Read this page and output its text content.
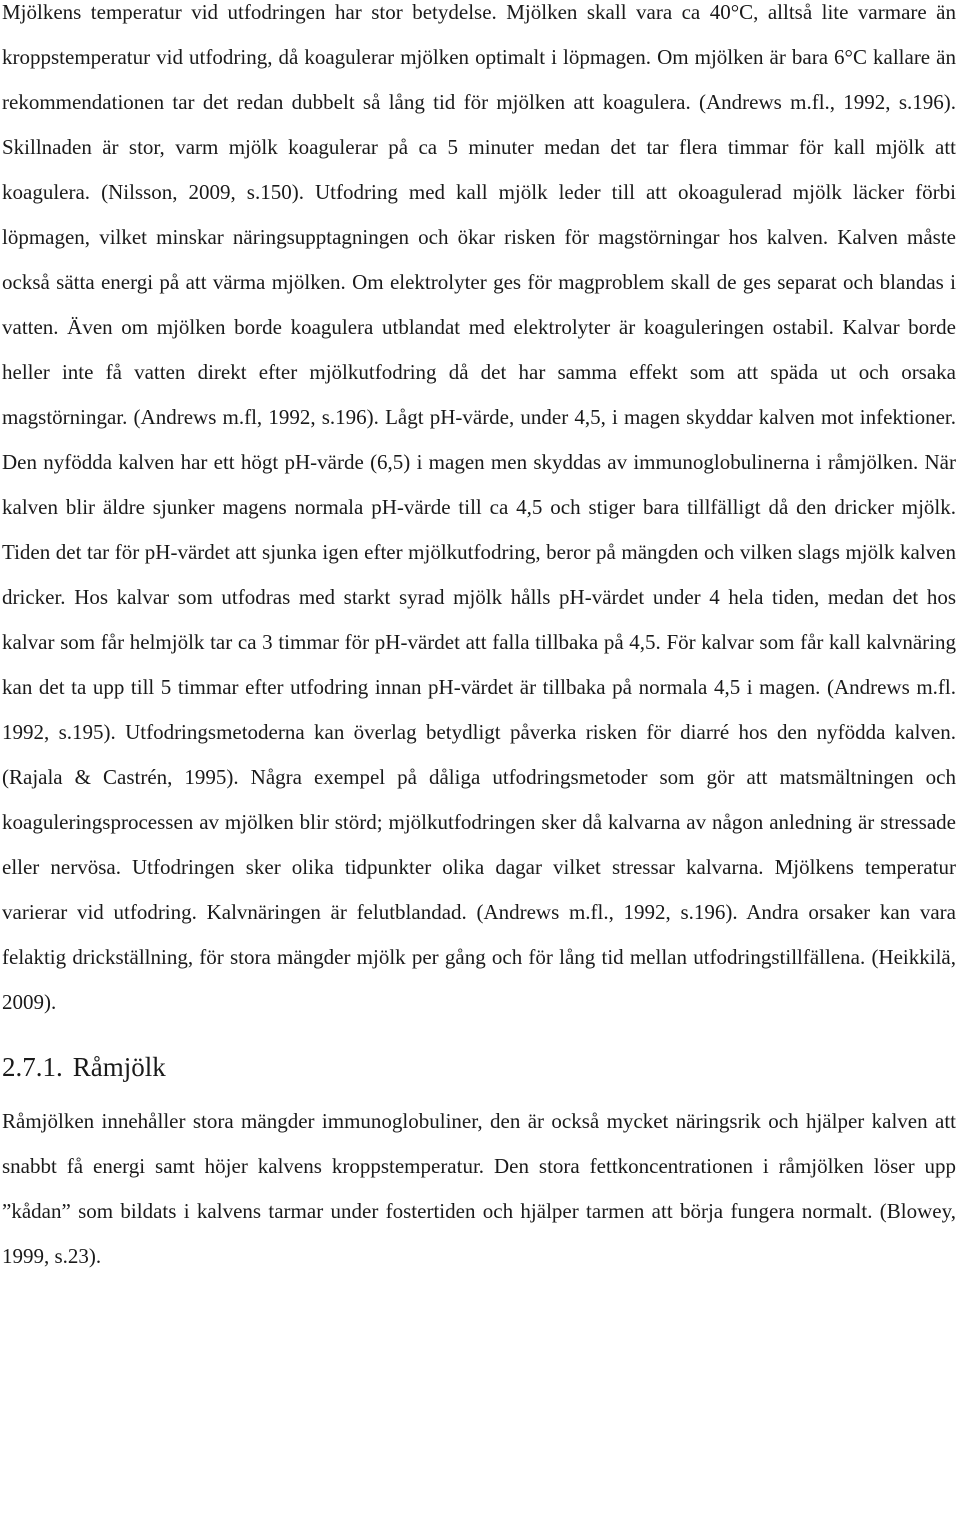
Mjölkens temperatur vid utfodringen har stor betydelse. Mjölken skall vara ca 40°C, alltså lite varmare än kroppstemperatur vid utfodring, då koagulerar mjölken optimalt i löpmagen. Om mjölken är bara 6°C kallare än rekommendationen tar det redan dubbelt så lång tid för mjölken att koagulera. (Andrews m.fl., 1992, s.196). Skillnaden är stor, varm mjölk koagulerar på ca 5 minuter medan det tar flera timmar för kall mjölk att koagulera. (Nilsson, 2009, s.150). Utfodring med kall mjölk leder till att okoagulerad mjölk läcker förbi löpmagen, vilket minskar näringsupptagningen och ökar risken för magstörningar hos kalven. Kalven måste också sätta energi på att värma mjölken. Om elektrolyter ges för magproblem skall de ges separat och blandas i vatten. Även om mjölken borde koagulera utblandat med elektrolyter är koaguleringen ostabil. Kalvar borde heller inte få vatten direkt efter mjölkutfodring då det har samma effekt som att späda ut och orsaka magstörningar. (Andrews m.fl, 1992, s.196). Lågt pH-värde, under 4,5, i magen skyddar kalven mot infektioner. Den nyfödda kalven har ett högt pH-värde (6,5) i magen men skyddas av immunoglobulinerna i råmjölken. När kalven blir äldre sjunker magens normala pH-värde till ca 4,5 och stiger bara tillfälligt då den dricker mjölk. Tiden det tar för pH-värdet att sjunka igen efter mjölkutfodring, beror på mängden och vilken slags mjölk kalven dricker. Hos kalvar som utfodras med starkt syrad mjölk hålls pH-värdet under 4 hela tiden, medan det hos kalvar som får helmjölk tar ca 3 timmar för pH-värdet att falla tillbaka på 4,5. För kalvar som får kall kalvnäring kan det ta upp till 5 timmar efter utfodring innan pH-värdet är tillbaka på normala 4,5 i magen. (Andrews m.fl. 1992, s.195). Utfodringsmetoderna kan överlag betydligt påverka risken för diarré hos den nyfödda kalven. (Rajala & Castrén, 1995). Några exempel på dåliga utfodringsmetoder som gör att matsmältningen och koaguleringsprocessen av mjölken blir störd; mjölkutfodringen sker då kalvarna av någon anledning är stressade eller nervösa. Utfodringen sker olika tidpunkter olika dagar vilket stressar kalvarna. Mjölkens temperatur varierar vid utfodring. Kalvnäringen är felutblandad. (Andrews m.fl., 1992, s.196). Andra orsaker kan vara felaktig drickställning, för stora mängder mjölk per gång och för lång tid mellan utfodringstillfällena. (Heikkilä, 2009).

2.7.1. Råmjölk

Råmjölken innehåller stora mängder immunoglobuliner, den är också mycket näringsrik och hjälper kalven att snabbt få energi samt höjer kalvens kroppstemperatur. Den stora fettkoncentrationen i råmjölken löser upp ”kådan” som bildats i kalvens tarmar under fostertiden och hjälper tarmen att börja fungera normalt. (Blowey, 1999, s.23).
